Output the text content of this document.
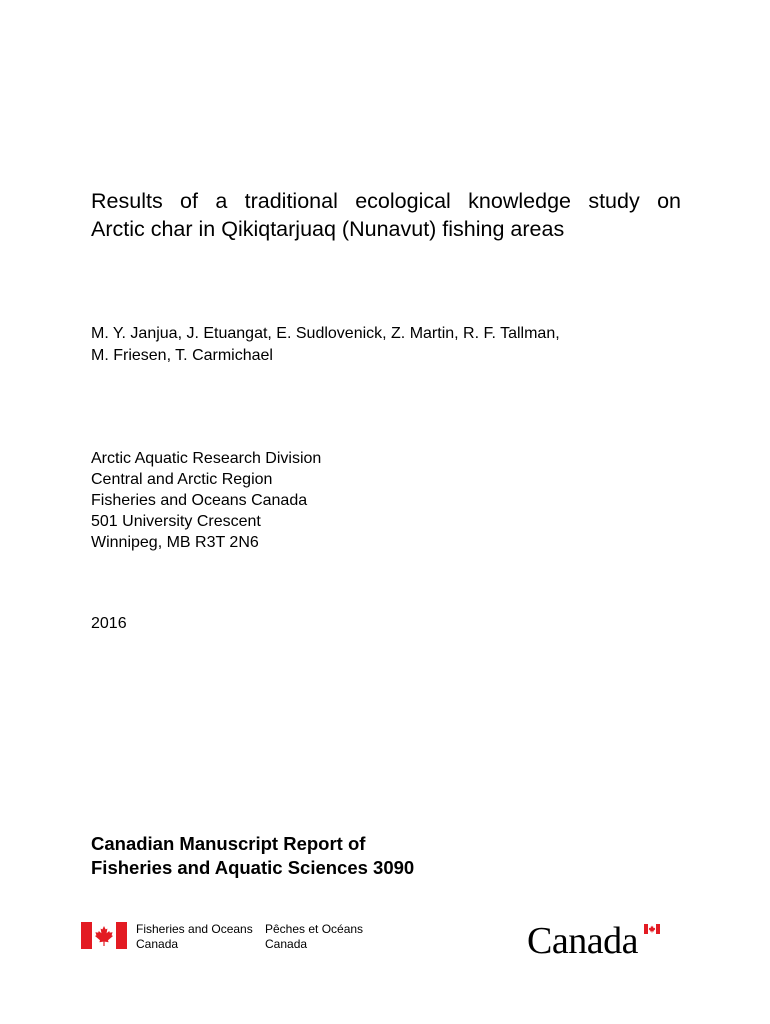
Results of a traditional ecological knowledge study on
Arctic char in Qikiqtarjuaq (Nunavut) fishing areas
M. Y. Janjua, J. Etuangat, E. Sudlovenick, Z. Martin, R. F. Tallman,
M. Friesen, T. Carmichael
Arctic Aquatic Research Division
Central and Arctic Region
Fisheries and Oceans Canada
501 University Crescent
Winnipeg, MB R3T 2N6
2016
Canadian Manuscript Report of
Fisheries and Aquatic Sciences 3090
Fisheries and Oceans
Canada
Pêches et Océans
Canada	Canada
